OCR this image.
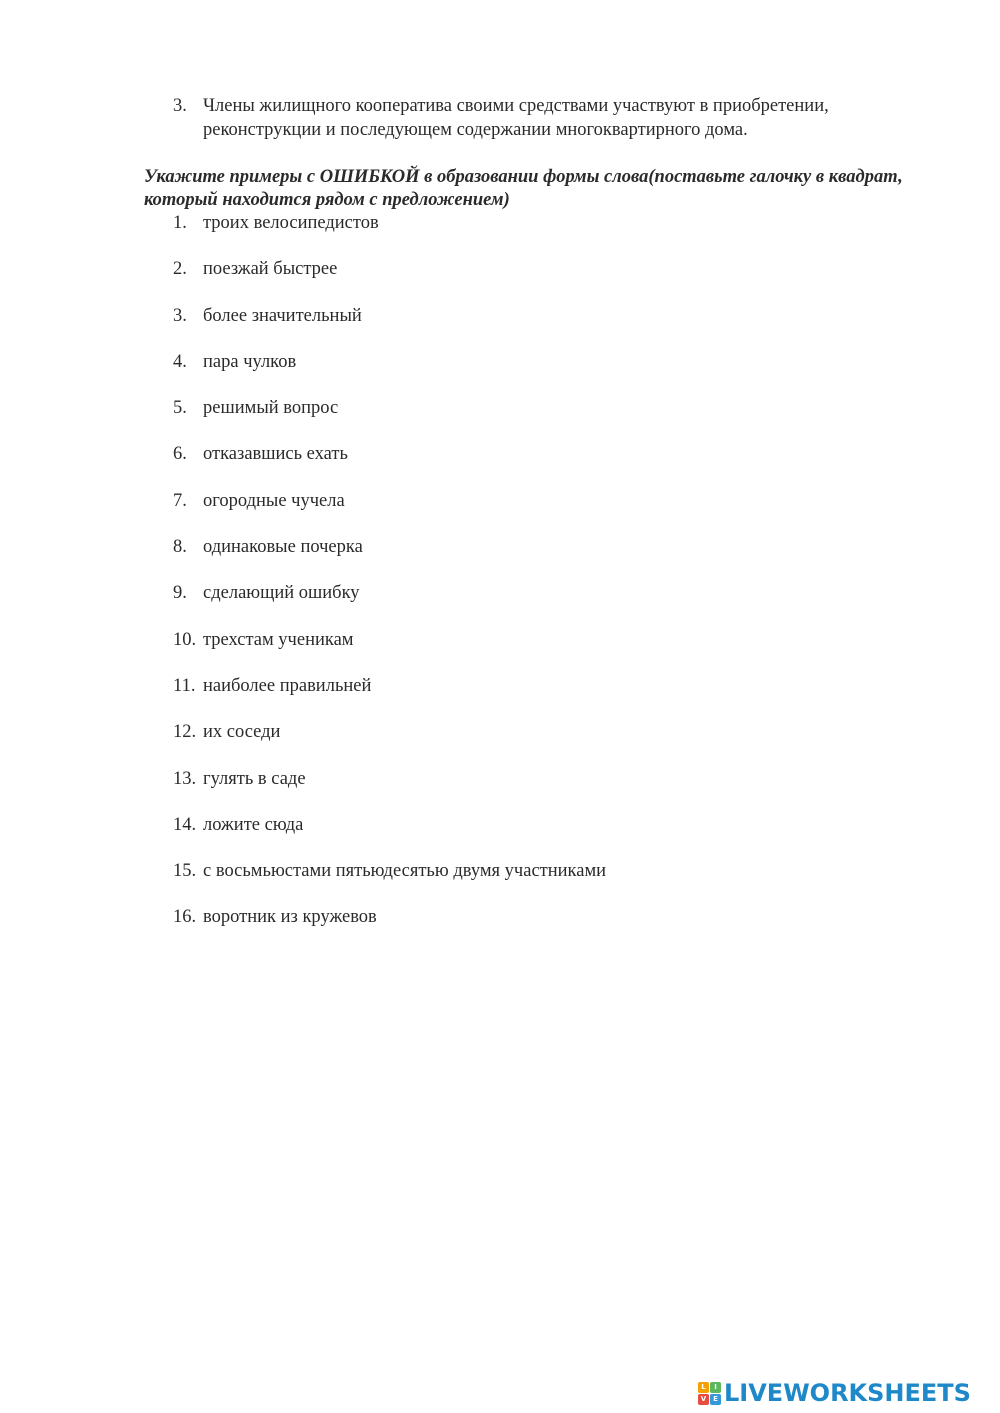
3. Члены жилищного кооператива своими средствами участвуют в приобретении, реконструкции и последующем содержании многоквартирного дома.
Укажите примеры с ОШИБКОЙ в образовании формы слова(поставьте галочку в квадрат, который находится рядом с предложением)
1. троих велосипедистов
2. поезжай быстрее
3. более значительный
4. пара чулков
5. решимый вопрос
6. отказавшись ехать
7. огородные чучела
8. одинаковые почерка
9. сделающий ошибку
10. трехстам ученикам
11. наиболее правильней
12. их соседи
13. гулять в саде
14. ложите сюда
15. с восьмьюстами пятьюдесятью двумя участниками
16. воротник из кружевов
L	I
V E LIVEWORKSHEETS
